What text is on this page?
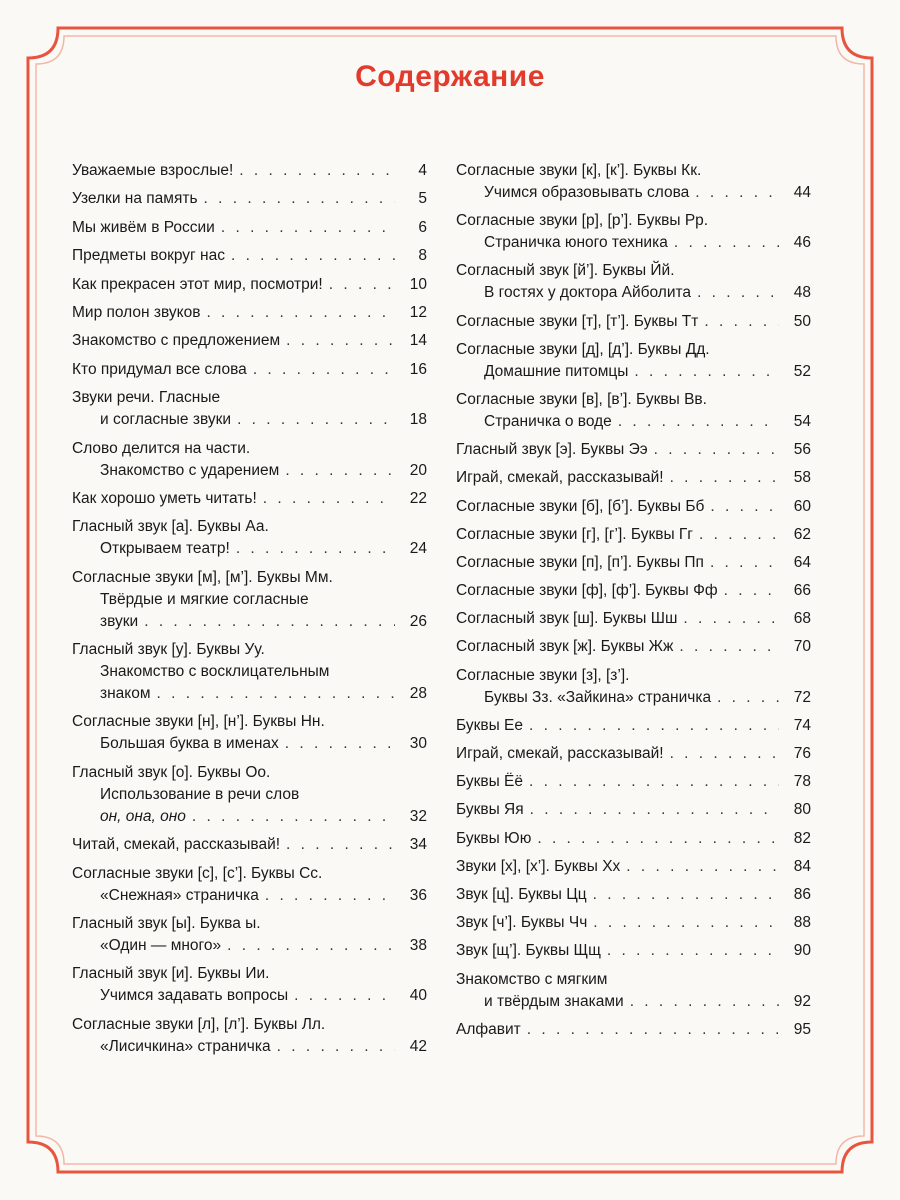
Содержание
Уважаемые взрослые! . . .	4
Узелки на память . . .	5
Мы живём в России . . .	6
Предметы вокруг нас . . .	8
Как прекрасен этот мир, посмотри! . . .	10
Мир полон звуков . . .	12
Знакомство с предложением . . .	14
Кто придумал все слова . . .	16
Звуки речи. Гласные
и согласные звуки . . .	18
Слово делится на части.
Знакомство с ударением . . .	20
Как хорошо уметь читать! . . .	22
Гласный звук [а]. Буквы Аа.
Открываем театр! . . .	24
Согласные звуки [м], [м’]. Буквы Мм.
Твёрдые и мягкие согласные
звуки . . .	26
Гласный звук [у]. Буквы Уу.
Знакомство с восклицательным
знаком . . .	28
Согласные звуки [н], [н’]. Буквы Нн.
Большая буква в именах . . .	30
Гласный звук [о]. Буквы Оо.
Использование в речи слов
он, она, оно . . .	32
Читай, смекай, рассказывай! . . .	34
Согласные звуки [с], [с’]. Буквы Сс.
«Снежная» страничка . . .	36
Гласный звук [ы]. Буква ы.
«Один — много» . . .	38
Гласный звук [и]. Буквы Ии.
Учимся задавать вопросы . . .	40
Согласные звуки [л], [л’]. Буквы Лл.
«Лисичкина» страничка . . .	42
Согласные звуки [к], [к’]. Буквы Кк.
Учимся образовывать слова . . .	44
Согласные звуки [р], [р’]. Буквы Рр.
Страничка юного техника . . .	46
Согласный звук [й’]. Буквы Йй.
В гостях у доктора Айболита . . .	48
Согласные звуки [т], [т’]. Буквы Тт . . .	50
Согласные звуки [д], [д’]. Буквы Дд.
Домашние питомцы . . .	52
Согласные звуки [в], [в’]. Буквы Вв.
Страничка о воде . . .	54
Гласный звук [э]. Буквы Ээ . . .	56
Играй, смекай, рассказывай! . . .	58
Согласные звуки [б], [б’]. Буквы Бб . . .	60
Согласные звуки [г], [г’]. Буквы Гг . . .	62
Согласные звуки [п], [п’]. Буквы Пп . . .	64
Согласные звуки [ф], [ф’]. Буквы Фф . . .	66
Согласный звук [ш]. Буквы Шш . . .	68
Согласный звук [ж]. Буквы Жж . . .	70
Согласные звуки [з], [з’].
Буквы Зз. «Зайкина» страничка . . .	72
Буквы Ее . . .	74
Играй, смекай, рассказывай! . . .	76
Буквы Ёё . . .	78
Буквы Яя . . .	80
Буквы Юю . . .	82
Звуки [х], [х’]. Буквы Хх . . .	84
Звук [ц]. Буквы Цц . . .	86
Звук [ч’]. Буквы Чч . . .	88
Звук [щ’]. Буквы Щщ . . .	90
Знакомство с мягким
и твёрдым знаками . . .	92
Алфавит . . .	95
